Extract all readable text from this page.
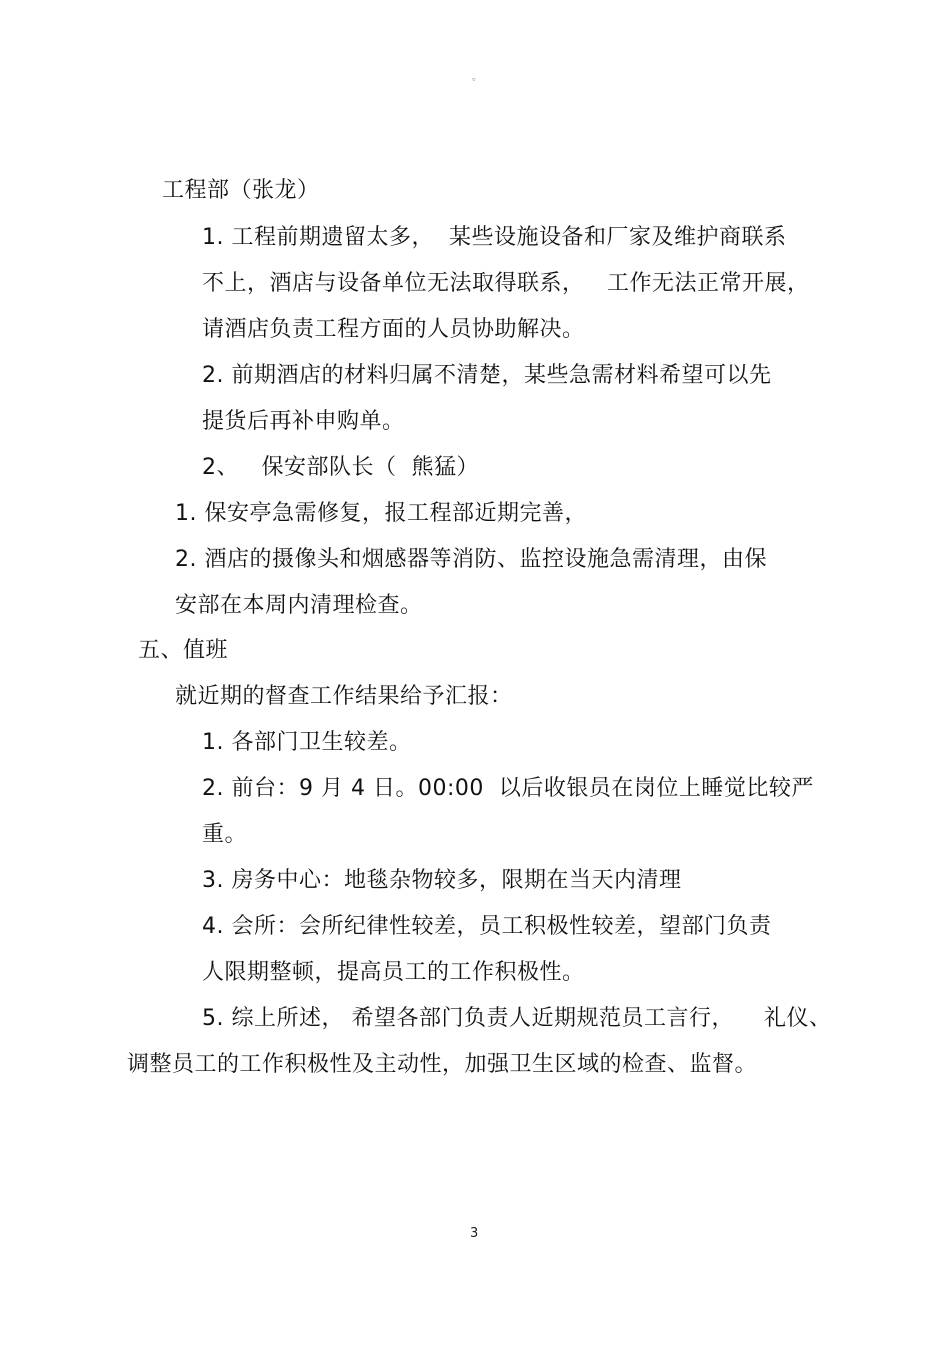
。
工程部（张龙）
1. 工程前期遗留太多，  某些设施设备和厂家及维护商联系
不上，酒店与设备单位无法取得联系，   工作无法正常开展，
请酒店负责工程方面的人员协助解决。
2. 前期酒店的材料归属不清楚，某些急需材料希望可以先
提货后再补申购单。
2、   保安部队长（  熊猛）
1. 保安亭急需修复，报工程部近期完善，
2. 酒店的摄像头和烟感器等消防、监控设施急需清理，由保
安部在本周内清理检查。
五、值班
就近期的督查工作结果给予汇报：
1. 各部门卫生较差。
2. 前台：9 月 4 日。00:00  以后收银员在岗位上睡觉比较严
重。
3. 房务中心：地毯杂物较多，限期在当天内清理
4. 会所：会所纪律性较差，员工积极性较差，望部门负责
人限期整顿，提高员工的工作积极性。
5. 综上所述， 希望各部门负责人近期规范员工言行，    礼仪、
调整员工的工作积极性及主动性，加强卫生区域的检查、监督。
3
